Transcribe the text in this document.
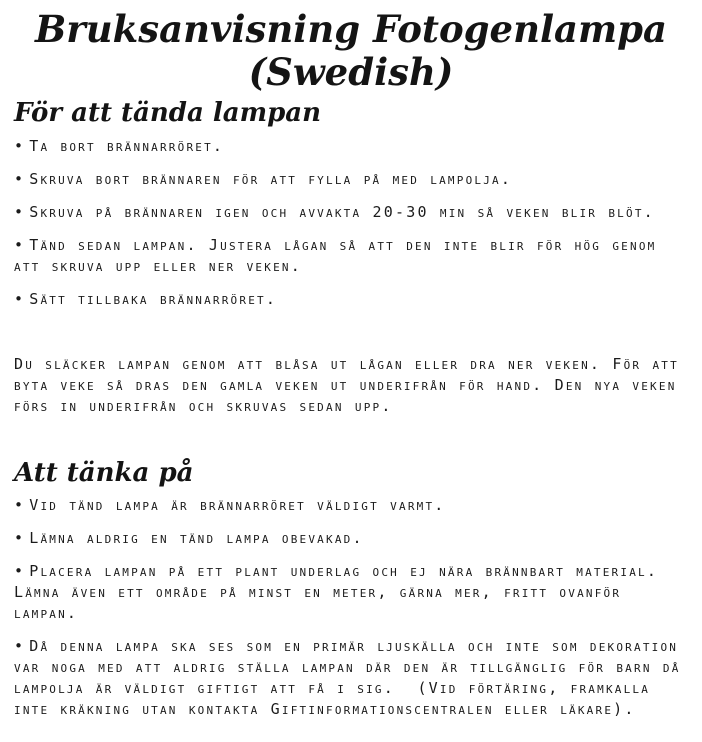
Bruksanvisning Fotogenlampa (Swedish)
För att tända lampan
• Ta bort brännarröret.
• Skruva bort brännaren för att fylla på med lampolja.
• Skruva på brännaren igen och avvakta 20-30 min så veken blir blöt.
• Tänd sedan lampan. Justera lågan så att den inte blir för hög genom att skruva upp eller ner veken.
• Sätt tillbaka brännarröret.

Du släcker lampan genom att blåsa ut lågan eller dra ner veken. För att byta veke så dras den gamla veken ut underifrån för hand. Den nya veken förs in underifrån och skruvas sedan upp.

Att tänka på
• Vid tänd lampa är brännarröret väldigt varmt.
• Lämna aldrig en tänd lampa obevakad.
• Placera lampan på ett plant underlag och ej nära brännbart material. Lämna även ett område på minst en meter, gärna mer, fritt ovanför lampan.
• Då denna lampa ska ses som en primär ljuskälla och inte som dekoration var noga med att aldrig ställa lampan där den är tillgänglig för barn då lampolja är väldigt giftigt att få i sig.  (Vid förtäring, framkalla inte kräkning utan kontakta Giftinformationscentralen eller läkare).
